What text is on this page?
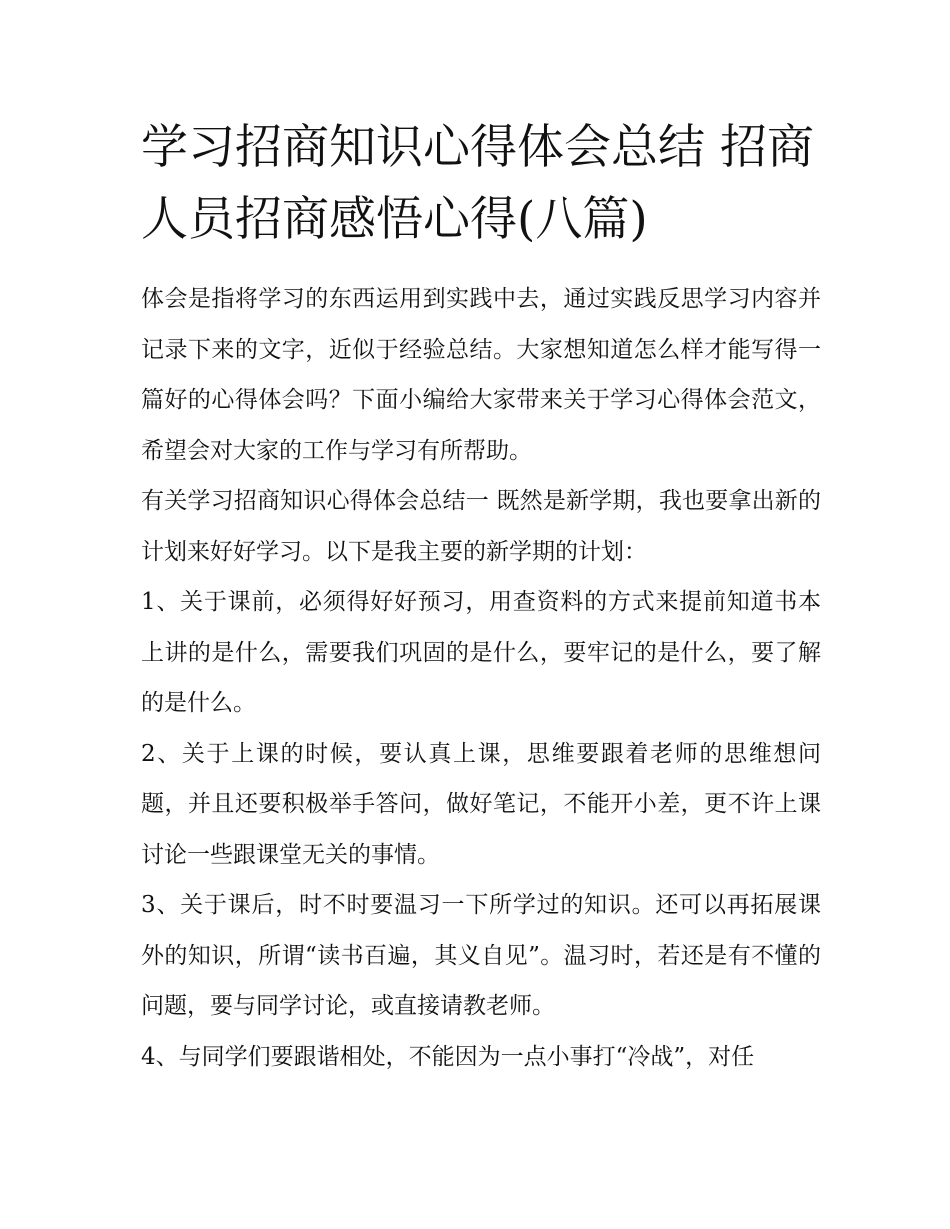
学习招商知识心得体会总结 招商人员招商感悟心得(八篇)

体会是指将学习的东西运用到实践中去，通过实践反思学习内容并记录下来的文字，近似于经验总结。大家想知道怎么样才能写得一篇好的心得体会吗？下面小编给大家带来关于学习心得体会范文，希望会对大家的工作与学习有所帮助。

有关学习招商知识心得体会总结一 既然是新学期，我也要拿出新的计划来好好学习。以下是我主要的新学期的计划：

1、关于课前，必须得好好预习，用查资料的方式来提前知道书本上讲的是什么，需要我们巩固的是什么，要牢记的是什么，要了解的是什么。

2、关于上课的时候，要认真上课，思维要跟着老师的思维想问题，并且还要积极举手答问，做好笔记，不能开小差，更不许上课讨论一些跟课堂无关的事情。

3、关于课后，时不时要温习一下所学过的知识。还可以再拓展课外的知识，所谓“读书百遍，其义自见”。温习时，若还是有不懂的问题，要与同学讨论，或直接请教老师。

4、与同学们要跟谐相处，不能因为一点小事打“冷战”，对任
